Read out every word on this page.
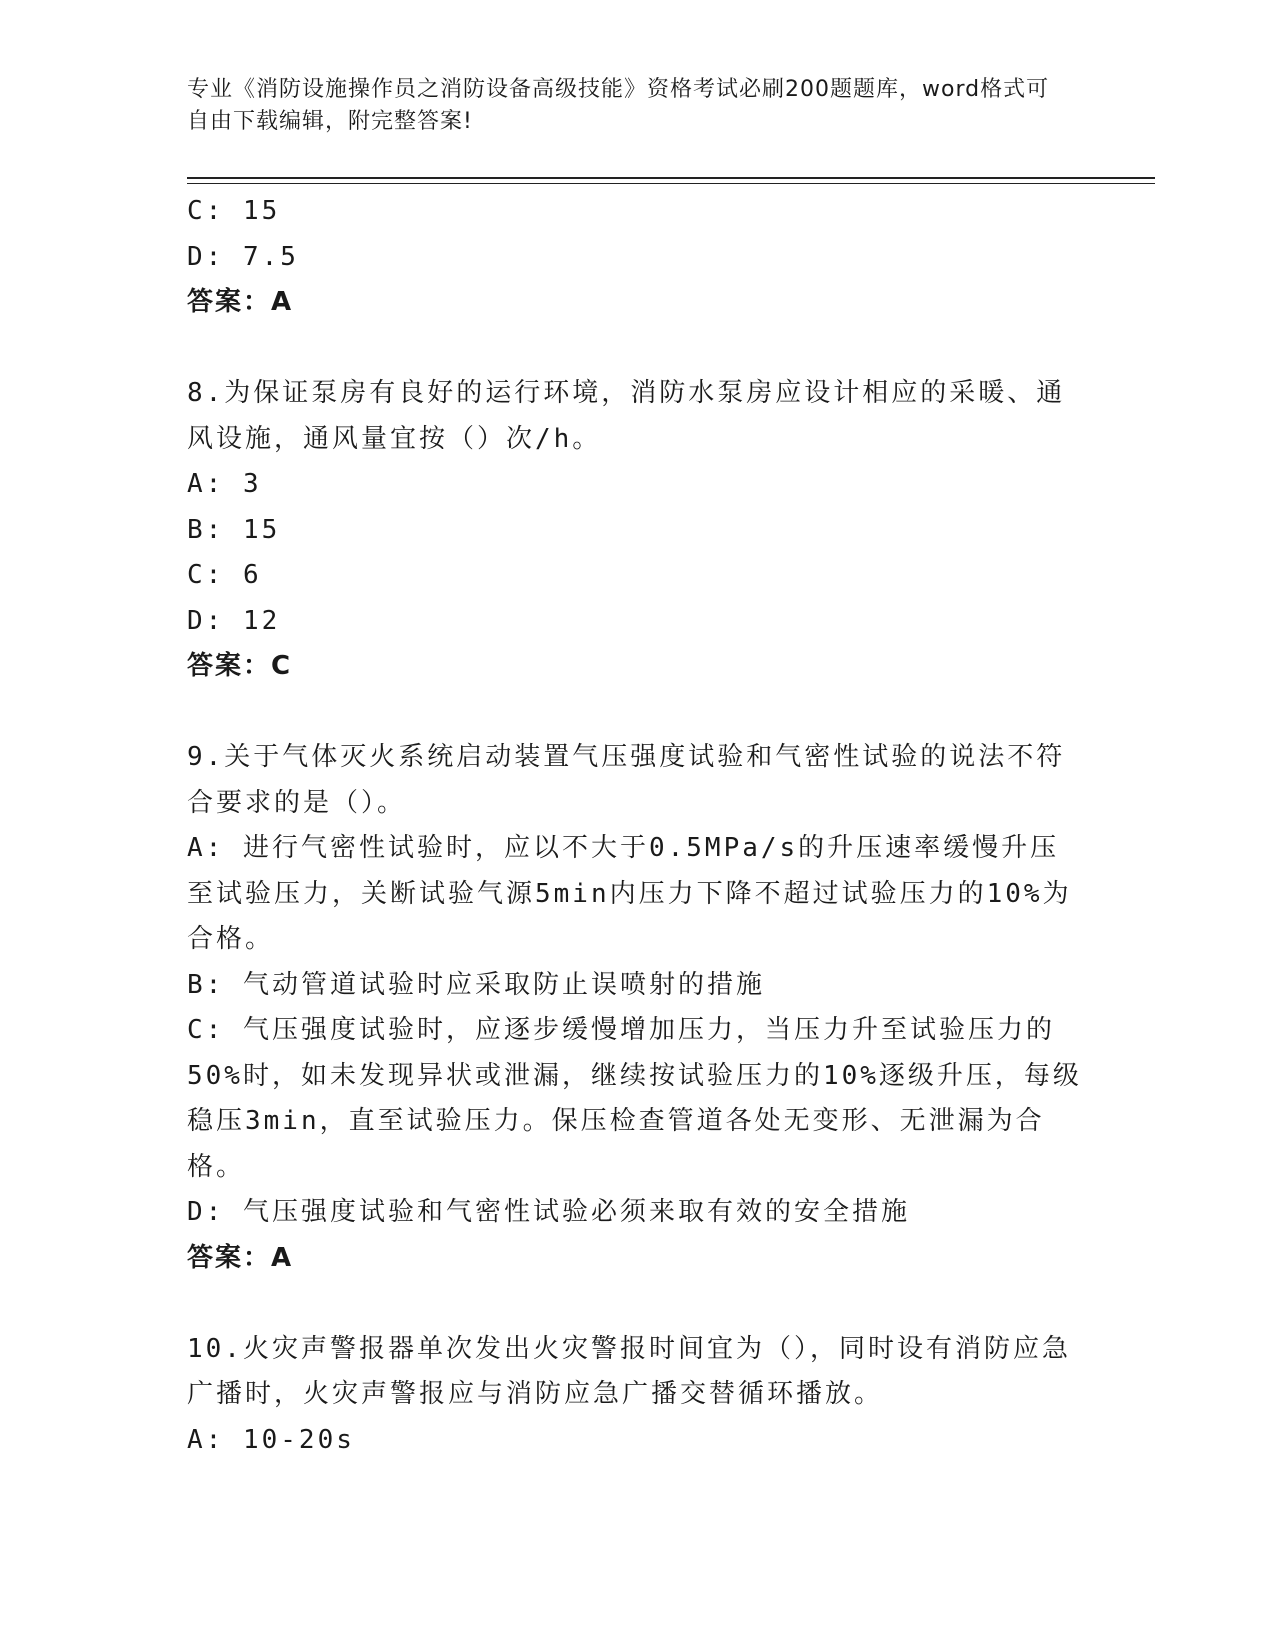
专业《消防设施操作员之消防设备高级技能》资格考试必刷200题题库，word格式可自由下载编辑，附完整答案!
C: 15
D: 7.5
答案：A
8.为保证泵房有良好的运行环境，消防水泵房应设计相应的采暖、通风设施，通风量宜按（）次/h。
A: 3
B: 15
C: 6
D: 12
答案：C
9.关于气体灭火系统启动装置气压强度试验和气密性试验的说法不符合要求的是（）。
A: 进行气密性试验时，应以不大于0.5MPa/s的升压速率缓慢升压至试验压力，关断试验气源5min内压力下降不超过试验压力的10%为合格。
B: 气动管道试验时应采取防止误喷射的措施
C: 气压强度试验时，应逐步缓慢增加压力，当压力升至试验压力的50%时，如未发现异状或泄漏，继续按试验压力的10%逐级升压，每级稳压3min，直至试验压力。保压检查管道各处无变形、无泄漏为合格。
D: 气压强度试验和气密性试验必须来取有效的安全措施
答案：A
10.火灾声警报器单次发出火灾警报时间宜为（），同时设有消防应急广播时，火灾声警报应与消防应急广播交替循环播放。
A: 10-20s
